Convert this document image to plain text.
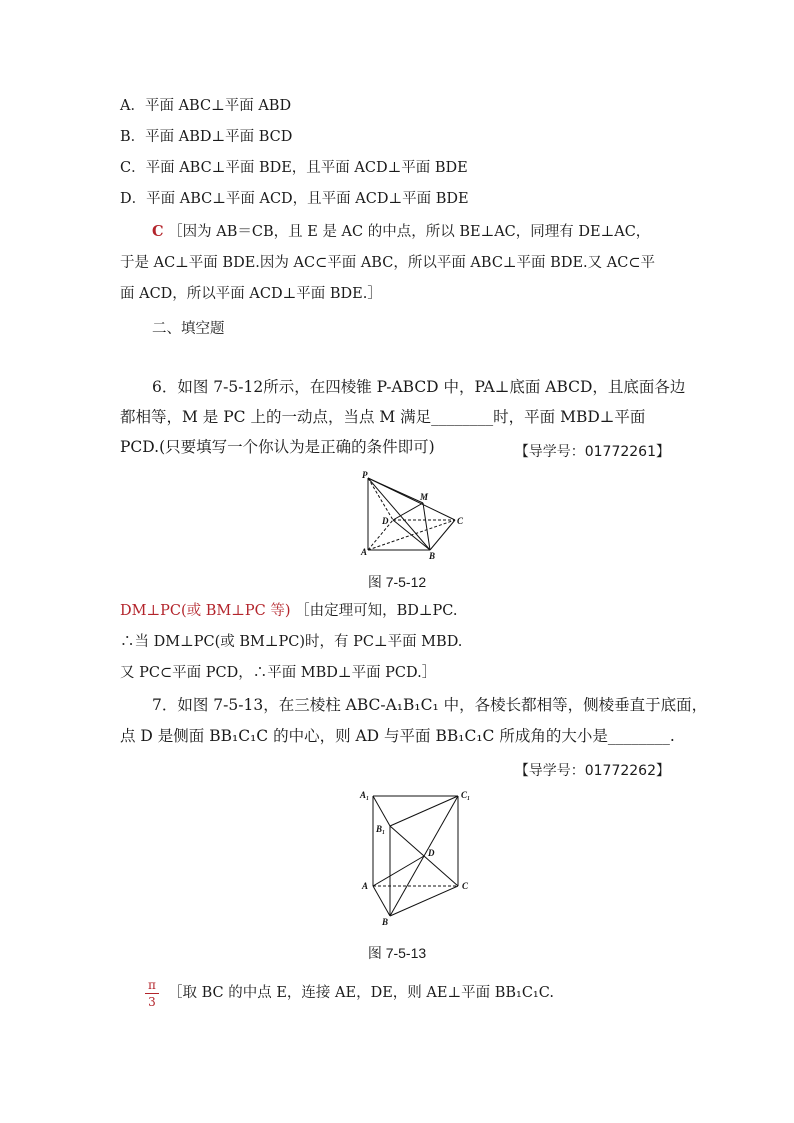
A．平面 ABC⊥平面 ABD
B．平面 ABD⊥平面 BCD
C．平面 ABC⊥平面 BDE，且平面 ACD⊥平面 BDE
D．平面 ABC⊥平面 ACD，且平面 ACD⊥平面 BDE
C ［因为 AB＝CB，且 E 是 AC 的中点，所以 BE⊥AC，同理有 DE⊥AC，
于是 AC⊥平面 BDE.因为 AC⊂平面 ABC，所以平面 ABC⊥平面 BDE.又 AC⊂平
面 ACD，所以平面 ACD⊥平面 BDE.］
二、填空题
6．如图 7-5-12所示，在四棱锥 P-ABCD 中，PA⊥底面 ABCD，且底面各边
都相等，M 是 PC 上的一动点，当点 M 满足________时，平面 MBD⊥平面
PCD.(只要填写一个你认为是正确的条件即可)	【导学号：01772261】
P
M
D	C
A	B
图 7-5-12
DM⊥PC(或 BM⊥PC 等) ［由定理可知，BD⊥PC.
∴当 DM⊥PC(或 BM⊥PC)时，有 PC⊥平面 MBD.
又 PC⊂平面 PCD，∴平面 MBD⊥平面 PCD.］
7．如图 7-5-13，在三棱柱 ABC-A₁B₁C₁ 中，各棱长都相等，侧棱垂直于底面，
点 D 是侧面 BB₁C₁C 的中心，则 AD 与平面 BB₁C₁C 所成角的大小是________.
【导学号：01772262】
A₁	C₁
B₁
D
A	C
B
图 7-5-13
π
3
［取 BC 的中点 E，连接 AE，DE，则 AE⊥平面 BB₁C₁C.
